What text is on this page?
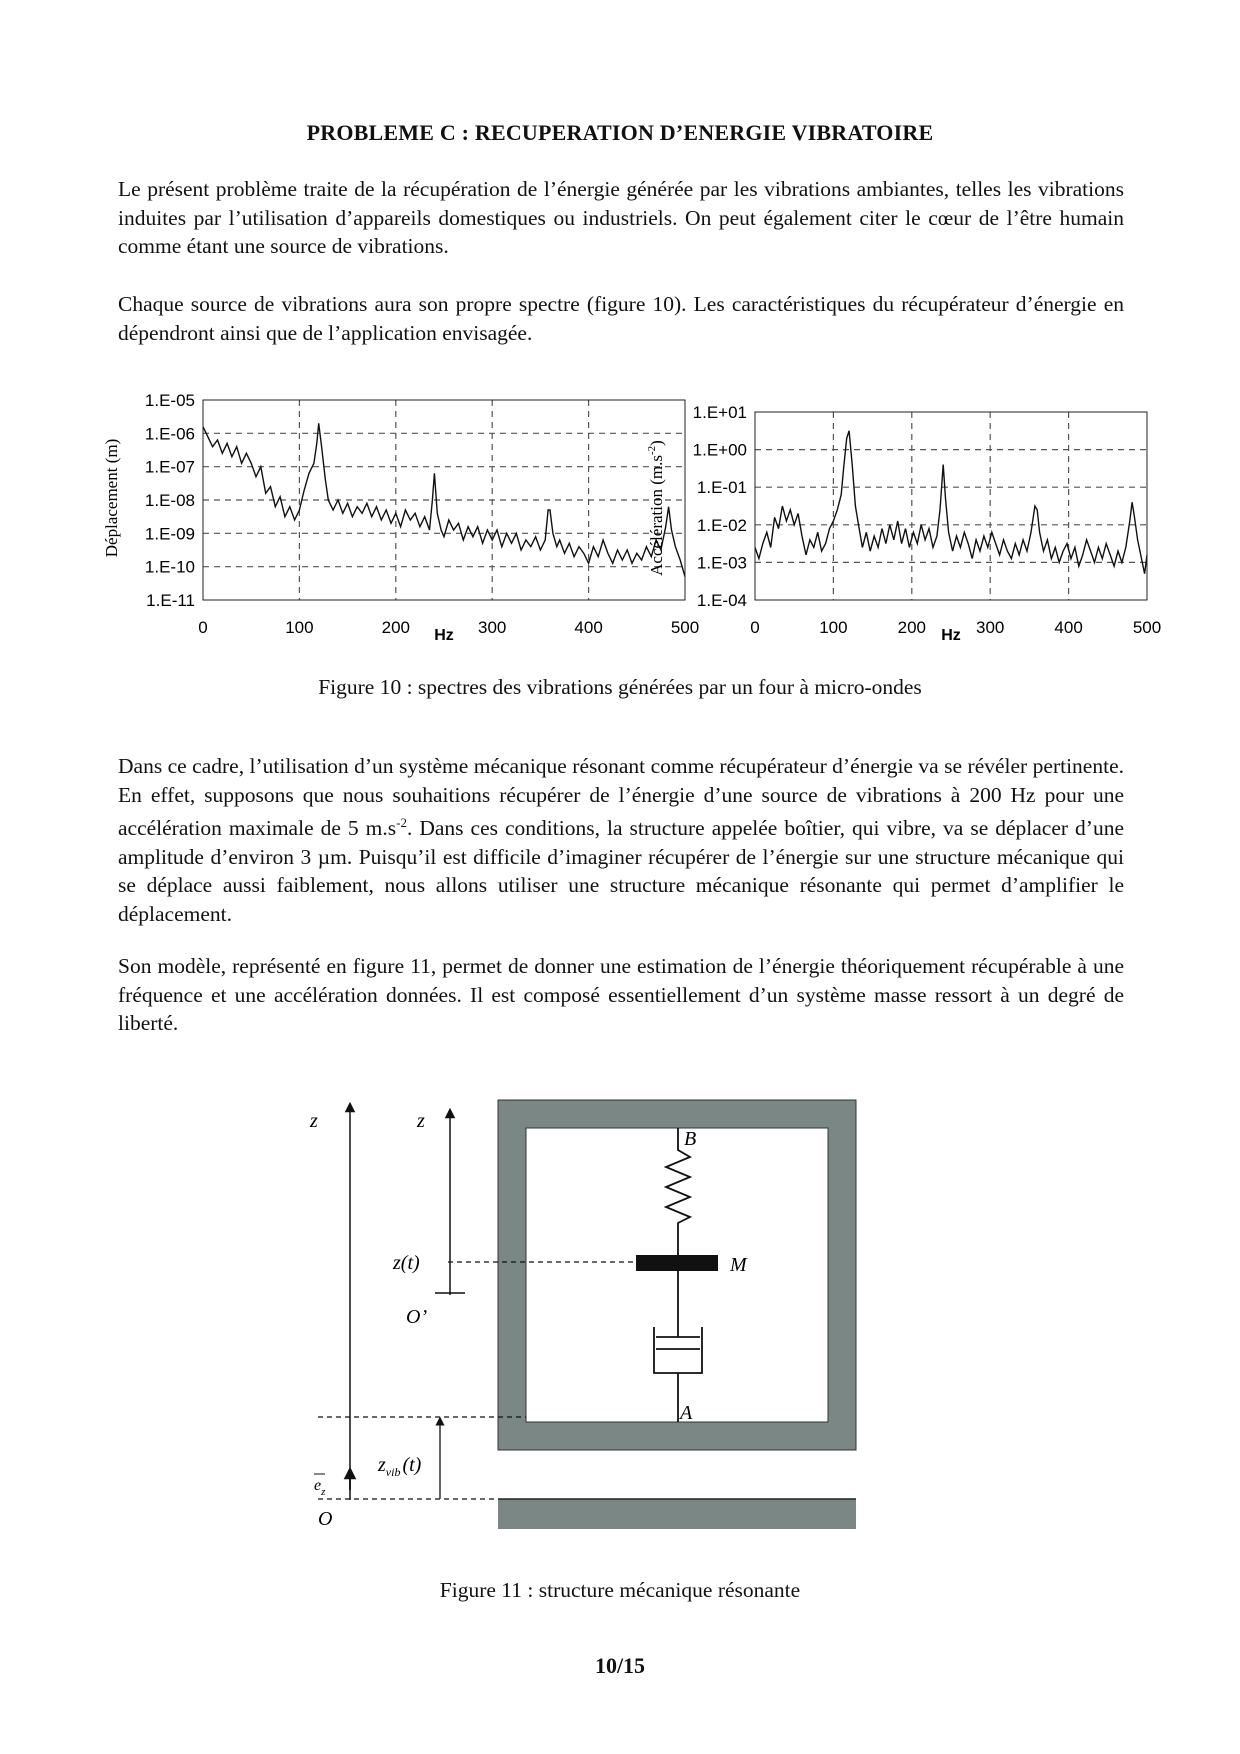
PROBLEME C : RECUPERATION D’ENERGIE VIBRATOIRE

Le présent problème traite de la récupération de l’énergie générée par les vibrations ambiantes, telles les vibrations induites par l’utilisation d’appareils domestiques ou industriels. On peut également citer le cœur de l’être humain comme étant une source de vibrations.

Chaque source de vibrations aura son propre spectre (figure 10). Les caractéristiques du récupérateur d’énergie en dépendront ainsi que de l’application envisagée.

Déplacement (m)
0	100	200	300	400	500
1.E-05
1.E-06
1.E-07
1.E-08
1.E-09
1.E-10
1.E-11
Hz
Accélération $(m.s^{-2})$
0	100	200	300	400	500
1.E+01
1.E+00
1.E-01
1.E-02
1.E-03
1.E-04
Hz
Figure 10 : spectres des vibrations générées par un four à micro-ondes

Dans ce cadre, l’utilisation d’un système mécanique résonant comme récupérateur d’énergie va se révéler pertinente. En effet, supposons que nous souhaitions récupérer de l’énergie d’une source de vibrations à 200 Hz pour une accélération maximale de 5 $m.s^{-2}$. Dans ces conditions, la structure appelée boîtier, qui vibre, va se déplacer d’une amplitude d’environ 3 µm. Puisqu’il est difficile d’imaginer récupérer de l’énergie sur une structure mécanique qui se déplace aussi faiblement, nous allons utiliser une structure mécanique résonante qui permet d’amplifier le déplacement.

Son modèle, représenté en figure 11, permet de donner une estimation de l’énergie théoriquement récupérable à une fréquence et une accélération données. Il est composé essentiellement d’un système masse ressort à un degré de liberté.

z	z
B
M
A
z(t)
O’
O
$e_z$
$z_{vib}$ (t)
Figure 11 : structure mécanique résonante
10/15
